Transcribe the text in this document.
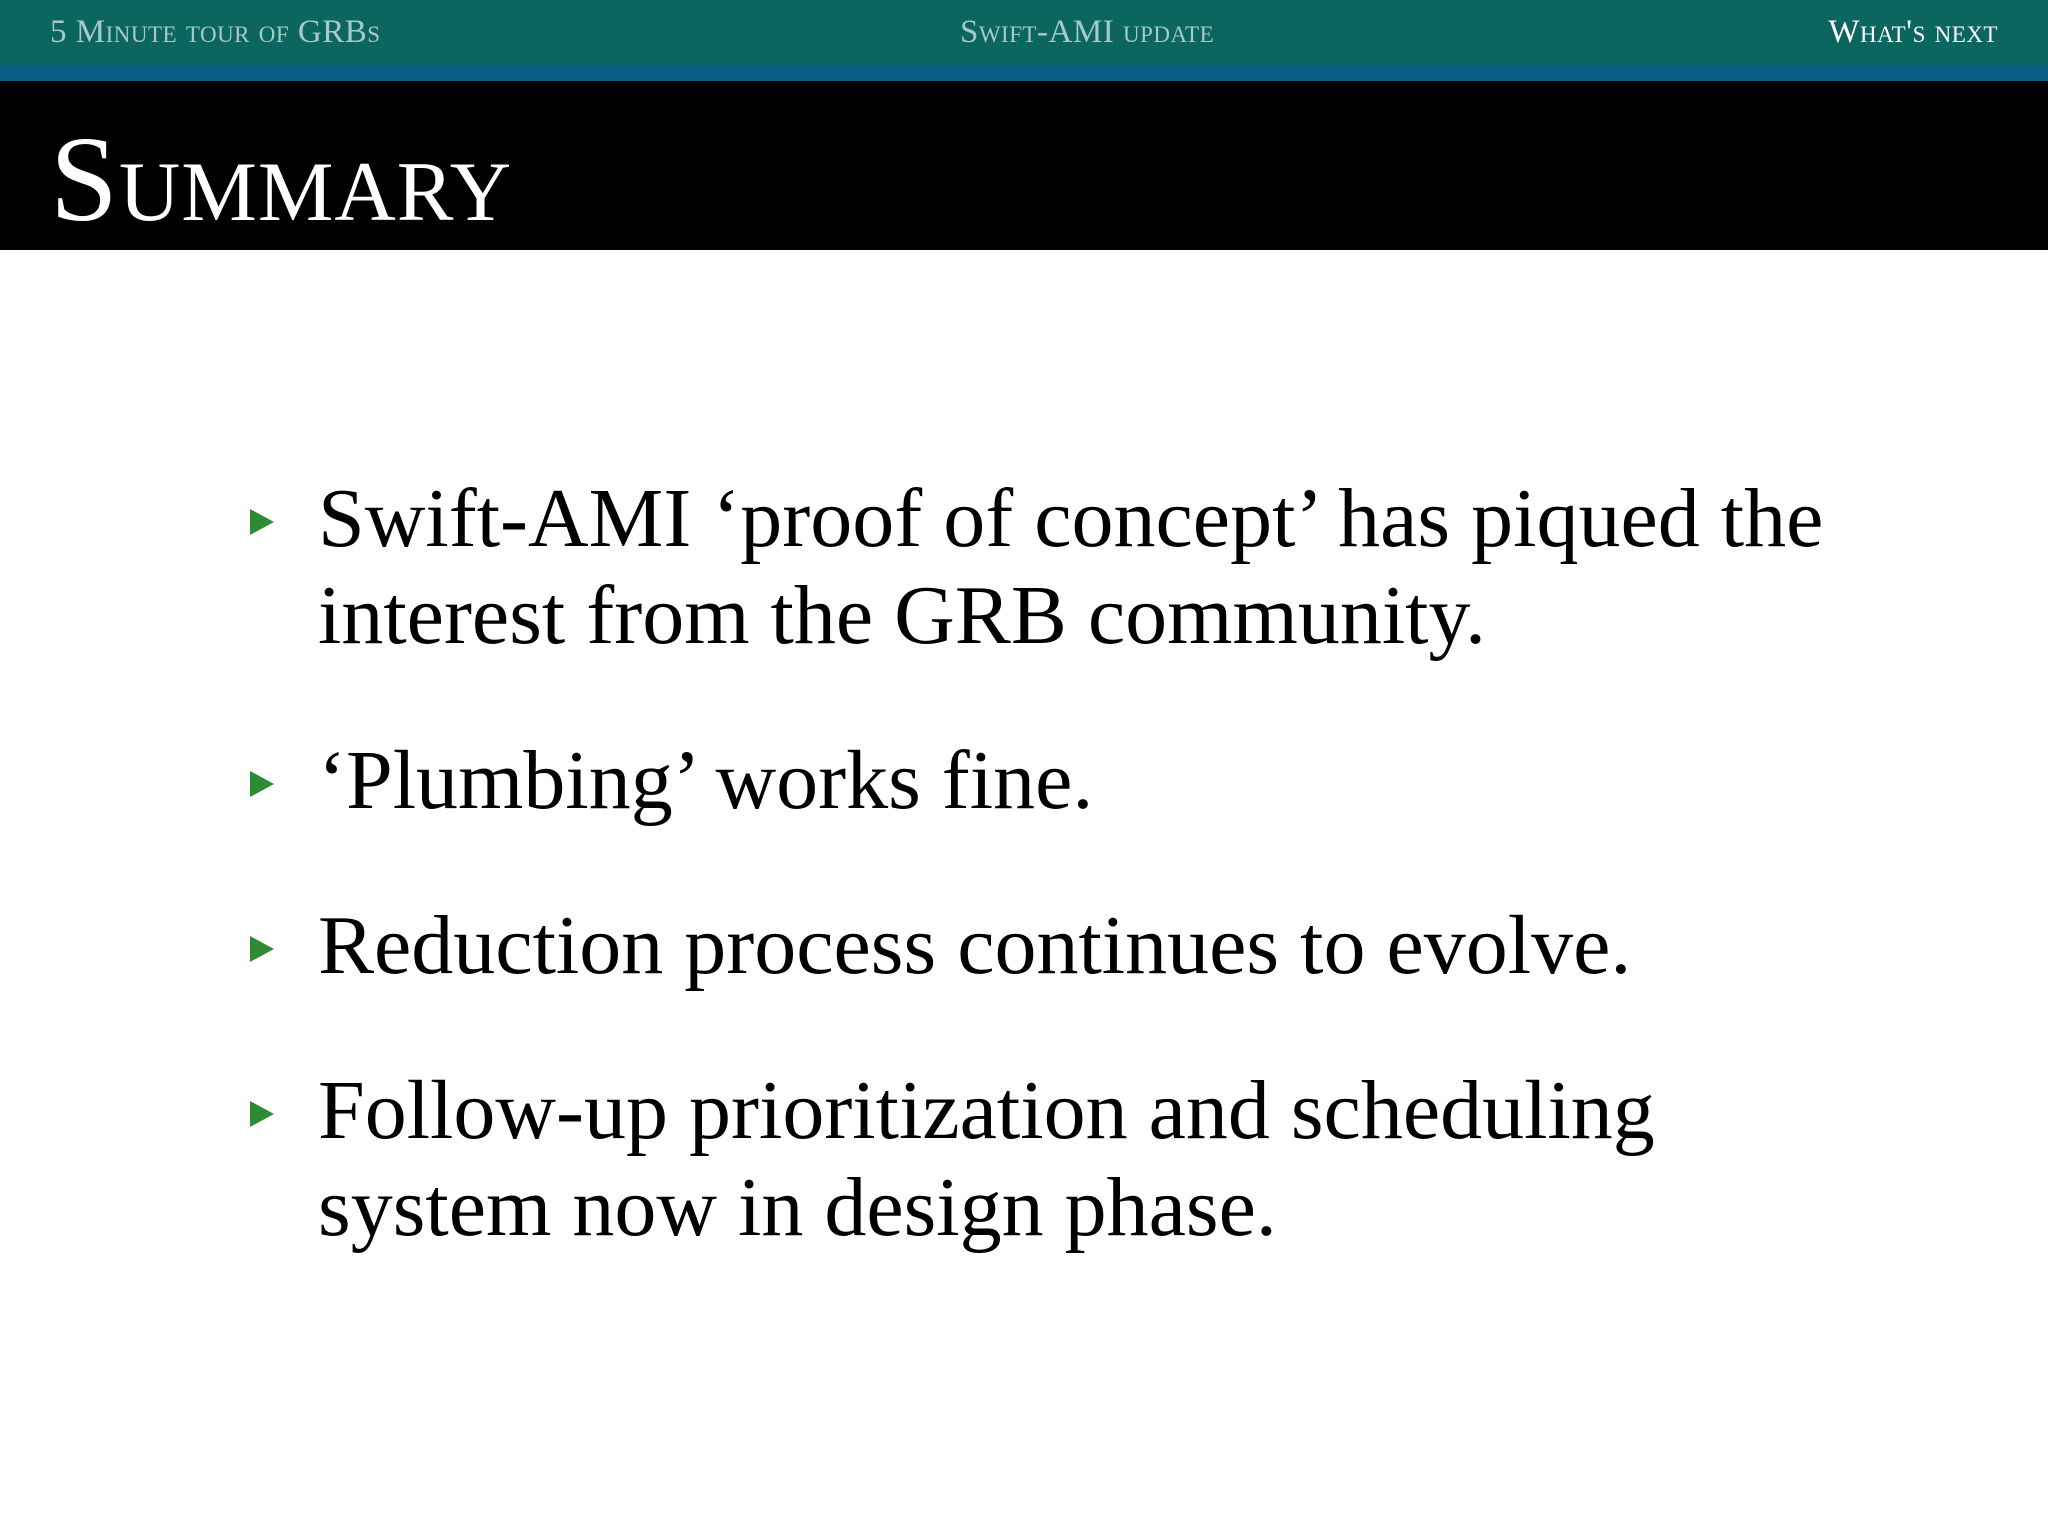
5 Minute tour of GRBs	Swift-AMI update	What's next
Summary
Swift-AMI ‘proof of concept’ has piqued the interest from the GRB community.
‘Plumbing’ works fine.
Reduction process continues to evolve.
Follow-up prioritization and scheduling system now in design phase.
